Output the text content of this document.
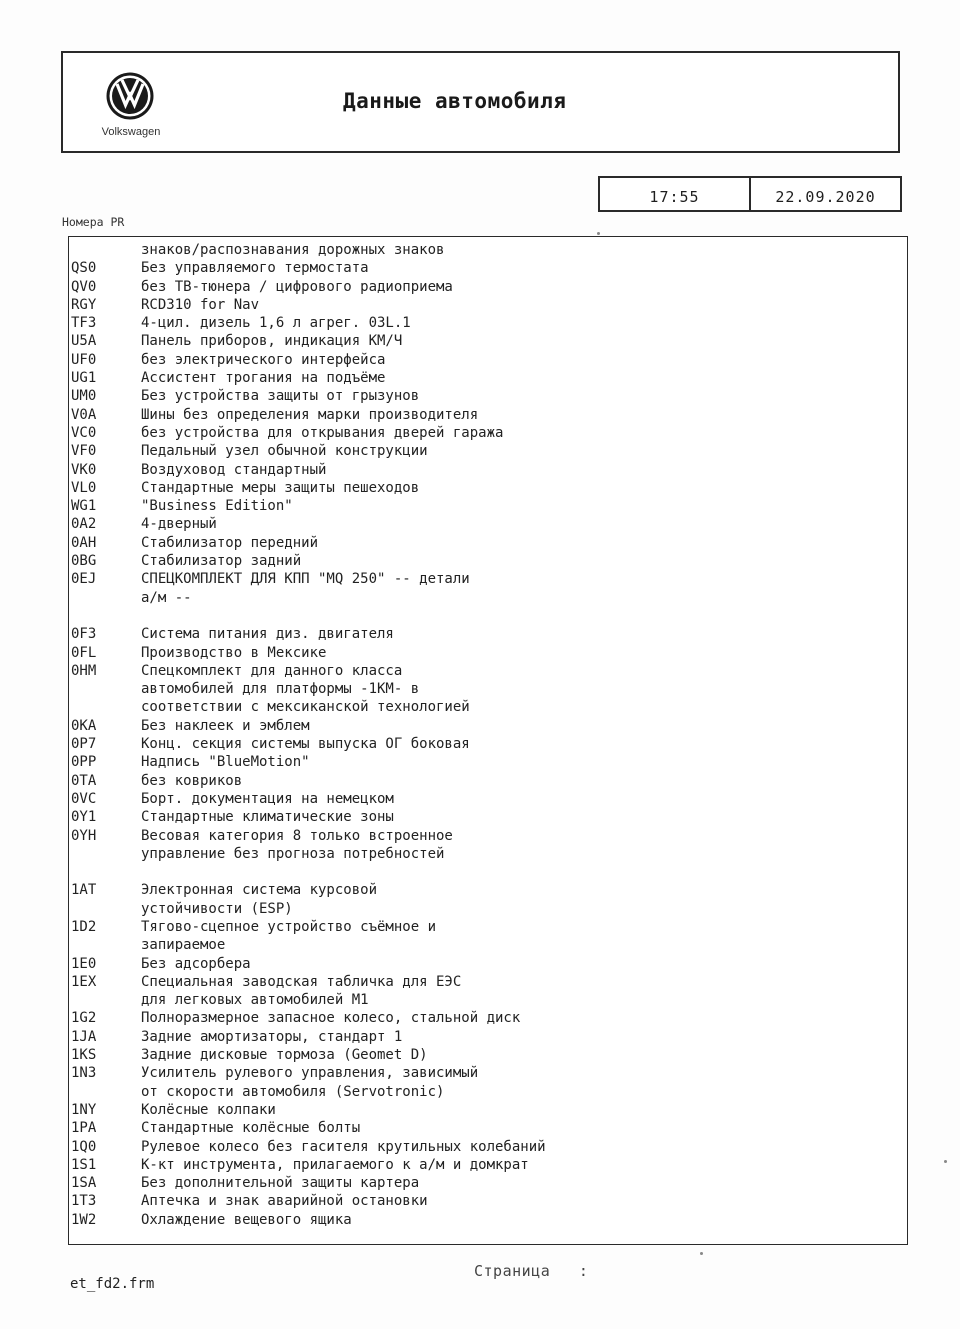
Volkswagen
Данные автомобиля
17:55	22.09.2020
Номера PR
знаков/распознавания дорожных знаков
QS0	Без управляемого термостата
QV0	без ТВ-тюнера / цифрового радиоприема
RGY	RCD310 for Nav
TF3	4-цил. дизель 1,6 л агрег. 03L.1
U5A	Панель приборов, индикация КМ/Ч
UF0	без электрического интерфейса
UG1	Ассистент трогания на подъёме
UM0	Без устройства защиты от грызунов
V0A	Шины без определения марки производителя
VC0	без устройства для открывания дверей гаража
VF0	Педальный узел обычной конструкции
VK0	Воздуховод стандартный
VL0	Стандартные меры защиты пешеходов
WG1	"Business Edition"
0A2	4-дверный
0AH	Стабилизатор передний
0BG	Стабилизатор задний
0EJ	СПЕЦКОМПЛЕКТ ДЛЯ КПП "MQ 250" -- детали
а/м --
0F3	Система питания диз. двигателя
0FL	Производство в Мексике
0HM	Спецкомплект для данного класса
автомобилей для платформы -1КМ- в
соответствии с мексиканской технологией
0KA	Без наклеек и эмблем
0P7	Конц. секция системы выпуска ОГ боковая
0PP	Надпись "BlueMotion"
0TA	без ковриков
0VC	Борт. документация на немецком
0Y1	Стандартные климатические зоны
0YH	Весовая категория 8 только встроенное
управление без прогноза потребностей
1AT	Электронная система курсовой
устойчивости (ESP)
1D2	Тягово-сцепное устройство съёмное и
запираемое
1E0	Без адсорбера
1EX	Специальная заводская табличка для ЕЭС
для легковых автомобилей M1
1G2	Полноразмерное запасное колесо, стальной диск
1JA	Задние амортизаторы, стандарт 1
1KS	Задние дисковые тормоза (Geomet D)
1N3	Усилитель рулевого управления, зависимый
от скорости автомобиля (Servotronic)
1NY	Колёсные колпаки
1PA	Стандартные колёсные болты
1Q0	Рулевое колесо без гасителя крутильных колебаний
1S1	К-кт инструмента, прилагаемого к а/м и домкрат
1SA	Без дополнительной защиты картера
1T3	Аптечка и знак аварийной остановки
1W2	Охлаждение вещевого ящика
Страница   :
et_fd2.frm
